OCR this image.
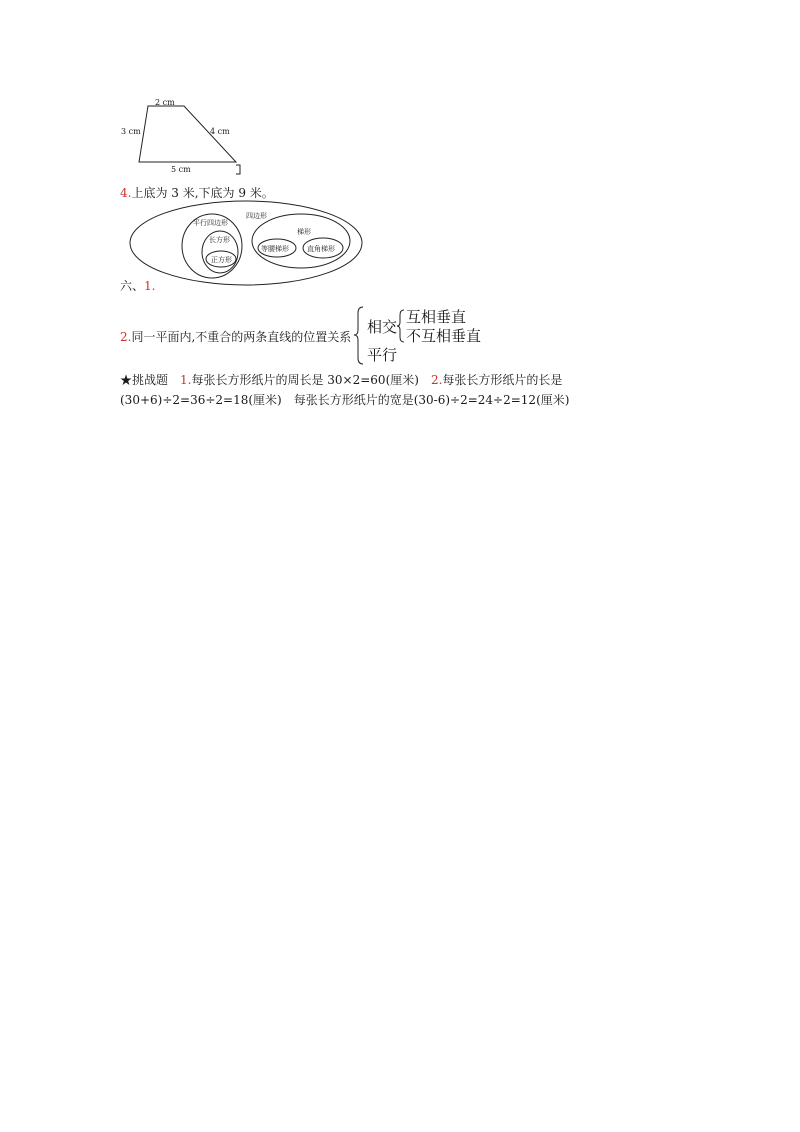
2 cm
3 cm	4 cm
5 cm
4.上底为 3 米,下底为 9 米。
四边形
平行四边形
长方形
正方形
梯形
等腰梯形	直角梯形
六、1.
2.同一平面内,不重合的两条直线的位置关系
相交
互相垂直
不互相垂直
平行
★挑战题 1.每张长方形纸片的周长是 30×2=60(厘米) 2.每张长方形纸片的长是
(30+6)÷2=36÷2=18(厘米)　每张长方形纸片的宽是(30-6)÷2=24÷2=12(厘米)
